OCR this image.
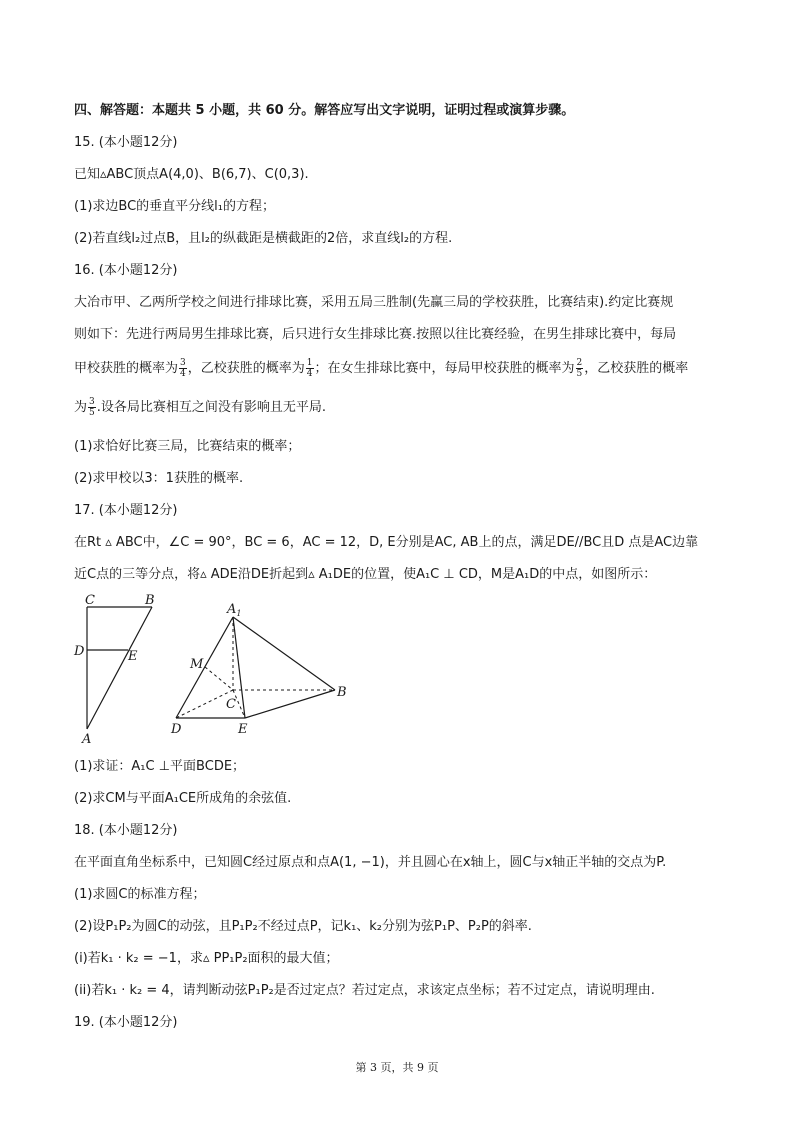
四、解答题：本题共 5 小题，共 60 分。解答应写出文字说明，证明过程或演算步骤。
15. (本小题12分)
已知▵ABC顶点A(4,0)、B(6,7)、C(0,3).
(1)求边BC的垂直平分线l₁的方程；
(2)若直线l₂过点B，且l₂的纵截距是横截距的2倍，求直线l₂的方程.
16. (本小题12分)
大冶市甲、乙两所学校之间进行排球比赛，采用五局三胜制(先赢三局的学校获胜，比赛结束).约定比赛规
则如下：先进行两局男生排球比赛，后只进行女生排球比赛.按照以往比赛经验，在男生排球比赛中，每局
甲校获胜的概率为 $\frac{3}{4}$ ，乙校获胜的概率为 $\frac{1}{4}$ ；在女生排球比赛中，每局甲校获胜的概率为 $\frac{2}{5}$ ，乙校获胜的概率
为 $\frac{3}{5}$ .设各局比赛相互之间没有影响且无平局.
(1)求恰好比赛三局，比赛结束的概率；
(2)求甲校以3：1获胜的概率.
17. (本小题12分)
在Rt ▵ ABC中，∠C = 90°，BC = 6，AC = 12，D, E分别是AC, AB上的点，满足DE//BC且D 点是AC边靠
近C点的三等分点，将▵ ADE沿DE折起到▵ A₁DE的位置，使A₁C ⊥ CD，M是A₁D的中点，如图所示：
C	B
D	E
A
$A_1$
M
C
B
D	E
(1)求证：A₁C ⊥平面BCDE；
(2)求CM与平面A₁CE所成角的余弦值.
18. (本小题12分)
在平面直角坐标系中，已知圆C经过原点和点A(1, −1)，并且圆心在x轴上，圆C与x轴正半轴的交点为P.
(1)求圆C的标准方程；
(2)设P₁P₂为圆C的动弦，且P₁P₂不经过点P，记k₁、k₂分别为弦P₁P、P₂P的斜率.
(i)若k₁ · k₂ = −1，求▵ PP₁P₂面积的最大值；
(ii)若k₁ · k₂ = 4，请判断动弦P₁P₂是否过定点？若过定点，求该定点坐标；若不过定点，请说明理由.
19. (本小题12分)
第 3 页，共 9 页
